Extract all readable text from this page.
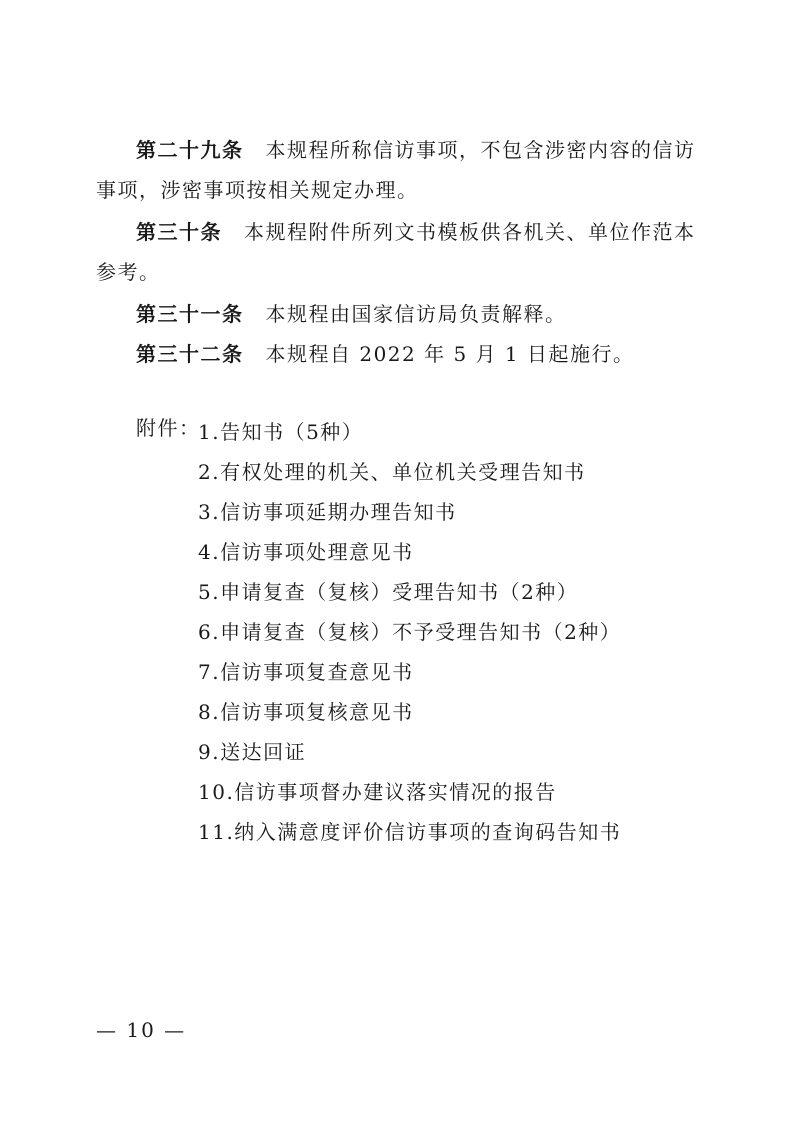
第二十九条 本规程所称信访事项，不包含涉密内容的信访事项，涉密事项按相关规定办理。

第三十条 本规程附件所列文书模板供各机关、单位作范本参考。

第三十一条 本规程由国家信访局负责解释。

第三十二条 本规程自 2022 年 5 月 1 日起施行。

附件：
1.告知书（5种）
2.有权处理的机关、单位机关受理告知书
3.信访事项延期办理告知书
4.信访事项处理意见书
5.申请复查（复核）受理告知书（2种）
6.申请复查（复核）不予受理告知书（2种）
7.信访事项复查意见书
8.信访事项复核意见书
9.送达回证
10.信访事项督办建议落实情况的报告
11.纳入满意度评价信访事项的查询码告知书
— 10 —
